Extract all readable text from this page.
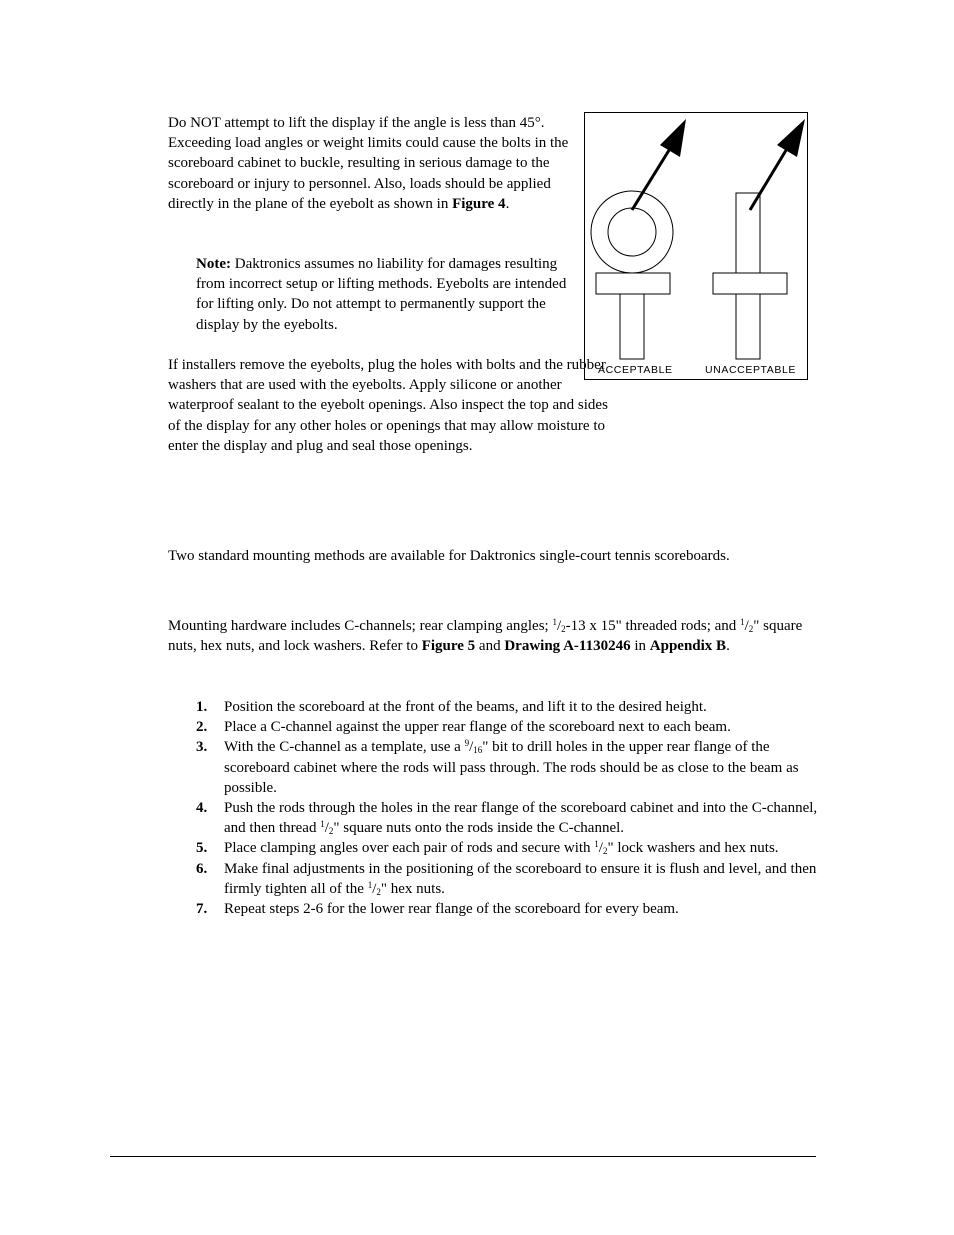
Do NOT attempt to lift the display if the angle is less than 45°. Exceeding load angles or weight limits could cause the bolts in the scoreboard cabinet to buckle, resulting in serious damage to the scoreboard or injury to personnel. Also, loads should be applied directly in the plane of the eyebolt as shown in Figure 4.

Note: Daktronics assumes no liability for damages resulting from incorrect setup or lifting methods. Eyebolts are intended for lifting only. Do not attempt to permanently support the display by the eyebolts.

If installers remove the eyebolts, plug the holes with bolts and the rubber washers that are used with the eyebolts. Apply silicone or another waterproof sealant to the eyebolt openings. Also inspect the top and sides of the display for any other holes or openings that may allow moisture to enter the display and plug and seal those openings.

ACCEPTABLE	UNACCEPTABLE

Two standard mounting methods are available for Daktronics single-court tennis scoreboards.

Mounting hardware includes C-channels; rear clamping angles; $^1/_2-13$ x 15" threaded rods; and $^1/_2$" square nuts, hex nuts, and lock washers. Refer to Figure 5 and Drawing A-1130246 in Appendix B.

1. Position the scoreboard at the front of the beams, and lift it to the desired height.
2. Place a C-channel against the upper rear flange of the scoreboard next to each beam.
3. With the C-channel as a template, use a $^9/_{16}$" bit to drill holes in the upper rear flange of the scoreboard cabinet where the rods will pass through. The rods should be as close to the beam as possible.
4. Push the rods through the holes in the rear flange of the scoreboard cabinet and into the C-channel, and then thread $^1/_2$" square nuts onto the rods inside the C-channel.
5. Place clamping angles over each pair of rods and secure with $^1/_2$" lock washers and hex nuts.
6. Make final adjustments in the positioning of the scoreboard to ensure it is flush and level, and then firmly tighten all of the $^1/_2$" hex nuts.
7. Repeat steps 2-6 for the lower rear flange of the scoreboard for every beam.
